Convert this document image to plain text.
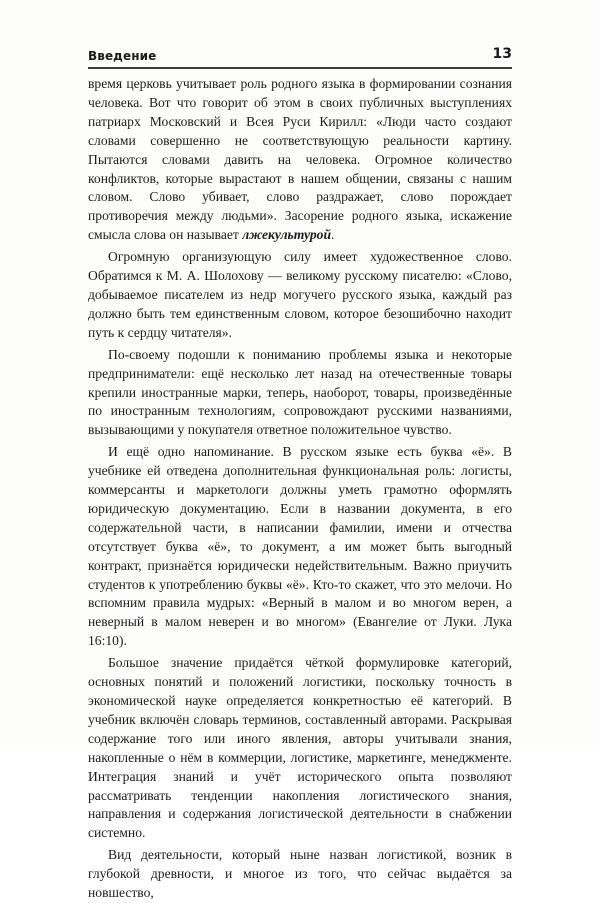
Введение	13

время церковь учитывает роль родного языка в формировании сознания человека. Вот что говорит об этом в своих публичных выступлениях патриарх Московский и Всея Руси Кирилл: «Люди часто создают словами совершенно не соответствующую реальности картину. Пытаются словами давить на человека. Огромное количество конфликтов, которые вырастают в нашем общении, связаны с нашим словом. Слово убивает, слово раздражает, слово порождает противоречия между людьми». Засорение родного языка, искажение смысла слова он называет лжекультурой.

Огромную организующую силу имеет художественное слово. Обратимся к М. А. Шолохову — великому русскому писателю: «Слово, добываемое писателем из недр могучего русского языка, каждый раз должно быть тем единственным словом, которое безошибочно находит путь к сердцу читателя».

По-своему подошли к пониманию проблемы языка и некоторые предприниматели: ещё несколько лет назад на отечественные товары крепили иностранные марки, теперь, наоборот, товары, произведённые по иностранным технологиям, сопровождают русскими названиями, вызывающими у покупателя ответное положительное чувство.

И ещё одно напоминание. В русском языке есть буква «ё». В учебнике ей отведена дополнительная функциональная роль: логисты, коммерсанты и маркетологи должны уметь грамотно оформлять юридическую документацию. Если в названии документа, в его содержательной части, в написании фамилии, имени и отчества отсутствует буква «ё», то документ, а им может быть выгодный контракт, признаётся юридически недействительным. Важно приучить студентов к употреблению буквы «ё». Кто-то скажет, что это мелочи. Но вспомним правила мудрых: «Верный в малом и во многом верен, а неверный в малом неверен и во многом» (Евангелие от Луки. Лука 16:10).

Большое значение придаётся чёткой формулировке категорий, основных понятий и положений логистики, поскольку точность в экономической науке определяется конкретностью её категорий. В учебник включён словарь терминов, составленный авторами. Раскрывая содержание того или иного явления, авторы учитывали знания, накопленные о нём в коммерции, логистике, маркетинге, менеджменте. Интеграция знаний и учёт исторического опыта позволяют рассматривать тенденции накопления логистического знания, направления и содержания логистической деятельности в снабжении системно.

Вид деятельности, который ныне назван логистикой, возник в глубокой древности, и многое из того, что сейчас выдаётся за новшество,
